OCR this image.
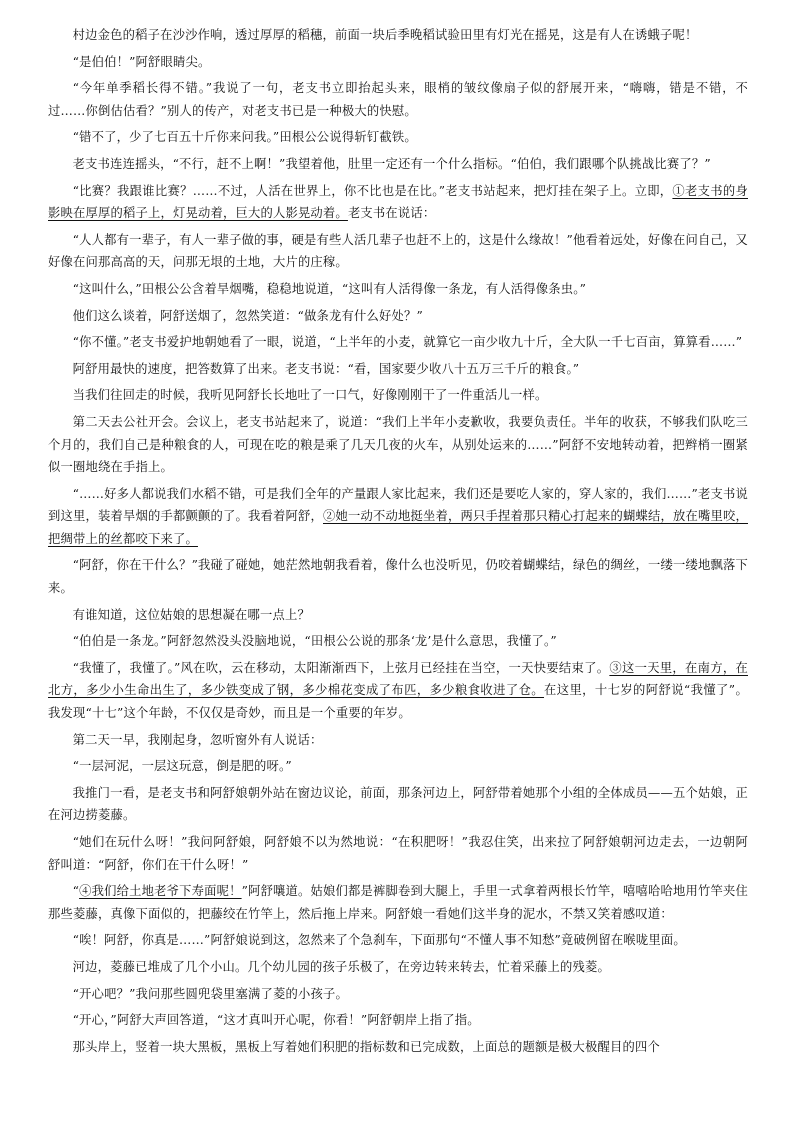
村边金色的稻子在沙沙作响，透过厚厚的稻穗，前面一块后季晚稻试验田里有灯光在摇晃，这是有人在诱蛾子呢！

“是伯伯！”阿舒眼睛尖。

“今年单季稻长得不错。”我说了一句，老支书立即抬起头来，眼梢的皱纹像扇子似的舒展开来，“嗨嗨，错是不错，不过……你倒估估看？”别人的传产，对老支书已是一种极大的快慰。

“错不了，少了七百五十斤你来问我。”田根公公说得斩钉截铁。

老支书连连摇头，“不行，赶不上啊！”我望着他，肚里一定还有一个什么指标。“伯伯，我们跟哪个队挑战比赛了？”

“比赛？我跟谁比赛？……不过，人活在世界上，你不比也是在比。”老支书站起来，把灯挂在架子上。立即，①老支书的身影映在厚厚的稻子上，灯晃动着，巨大的人影晃动着。老支书在说话：

“人人都有一辈子，有人一辈子做的事，硬是有些人活几辈子也赶不上的，这是什么缘故！”他看着远处，好像在问自己，又好像在问那高高的天，问那无垠的土地，大片的庄稼。

“这叫什么，”田根公公含着旱烟嘴，稳稳地说道，“这叫有人活得像一条龙，有人活得像条虫。”

他们这么谈着，阿舒送烟了，忽然笑道：“做条龙有什么好处？”

“你不懂。”老支书爱护地朝她看了一眼，说道，“上半年的小麦，就算它一亩少收九十斤，全大队一千七百亩，算算看……”

阿舒用最快的速度，把答数算了出来。老支书说：“看，国家要少收八十五万三千斤的粮食。”

当我们往回走的时候，我听见阿舒长长地吐了一口气，好像刚刚干了一件重活儿一样。

第二天去公社开会。会议上，老支书站起来了，说道：“我们上半年小麦歉收，我要负责任。半年的收获，不够我们队吃三个月的，我们自己是种粮食的人，可现在吃的粮是乘了几天几夜的火车，从别处运来的……”阿舒不安地转动着，把辫梢一圈紧似一圈地绕在手指上。

“……好多人都说我们水稻不错，可是我们全年的产量跟人家比起来，我们还是要吃人家的，穿人家的，我们……”老支书说到这里，装着旱烟的手都颤颤的了。我看着阿舒，②她一动不动地挺坐着，两只手捏着那只精心打起来的蝴蝶结，放在嘴里咬，把绸带上的丝都咬下来了。

“阿舒，你在干什么？”我碰了碰她，她茫然地朝我看着，像什么也没听见，仍咬着蝴蝶结，绿色的绸丝，一缕一缕地飘落下来。

有谁知道，这位姑娘的思想凝在哪一点上？

“伯伯是一条龙。”阿舒忽然没头没脑地说，“田根公公说的那条‘龙’是什么意思，我懂了。”

“我懂了，我懂了。”风在吹，云在移动，太阳渐渐西下，上弦月已经挂在当空，一天快要结束了。③这一天里，在南方，在北方，多少小生命出生了，多少铁变成了钢，多少棉花变成了布匹，多少粮食收进了仓。在这里，十七岁的阿舒说“我懂了”。我发现“十七”这个年龄，不仅仅是奇妙，而且是一个重要的年岁。

第二天一早，我刚起身，忽听窗外有人说话：

“一层河泥，一层这玩意，倒是肥的呀。”

我推门一看，是老支书和阿舒娘朝外站在窗边议论，前面，那条河边上，阿舒带着她那个小组的全体成员——五个姑娘，正在河边捞菱藤。

“她们在玩什么呀！”我问阿舒娘，阿舒娘不以为然地说：“在积肥呀！”我忍住笑，出来拉了阿舒娘朝河边走去，一边朝阿舒叫道：“阿舒，你们在干什么呀！”

“④我们给土地老爷下寿面呢！”阿舒嚷道。姑娘们都是裤脚卷到大腿上，手里一式拿着两根长竹竿，嘻嘻哈哈地用竹竿夹住那些菱藤，真像下面似的，把藤绞在竹竿上，然后拖上岸来。阿舒娘一看她们这半身的泥水，不禁又笑着感叹道：

“唉！阿舒，你真是……”阿舒娘说到这，忽然来了个急刹车，下面那句“不懂人事不知愁”竟破例留在喉咙里面。

河边，菱藤已堆成了几个小山。几个幼儿园的孩子乐极了，在旁边转来转去，忙着采藤上的残菱。

“开心吧？”我问那些圆兜袋里塞满了菱的小孩子。

“开心，”阿舒大声回答道，“这才真叫开心呢，你看！”阿舒朝岸上指了指。

那头岸上，竖着一块大黑板，黑板上写着她们积肥的指标数和已完成数，上面总的题额是极大极醒目的四个
